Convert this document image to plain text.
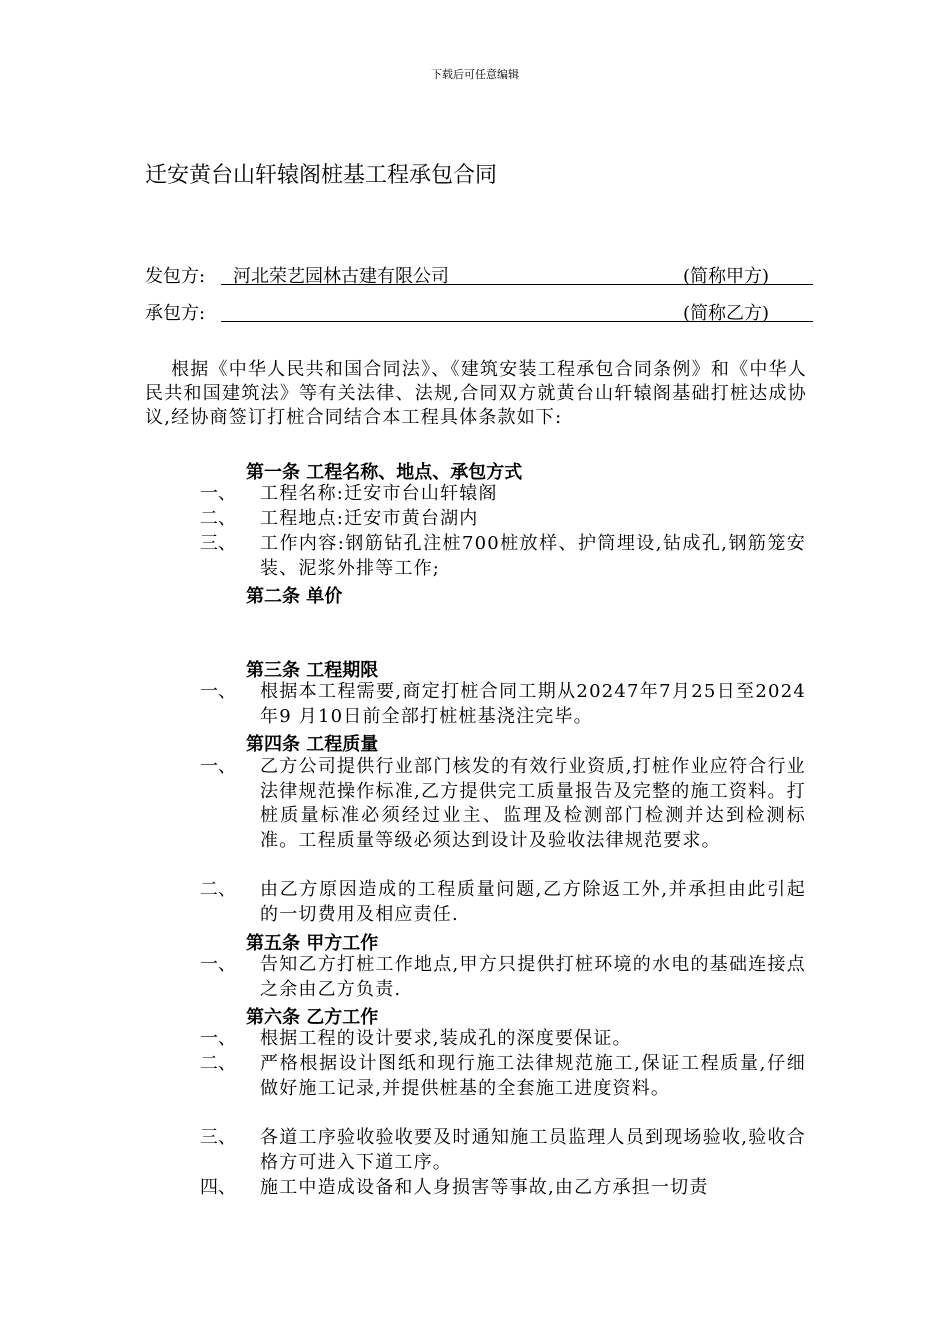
下载后可任意编辑
迁安黄台山轩辕阁桩基工程承包合同
发包方: 河北荣艺园林古建有限公司	(简称甲方)
承包方:	(简称乙方)
根据《中华人民共和国合同法》、《建筑安装工程承包合同条例》和《中华人民共和国建筑法》等有关法律、法规,合同双方就黄台山轩辕阁基础打桩达成协议,经协商签订打桩合同结合本工程具体条款如下:
第一条 工程名称、地点、承包方式
一、 工程名称:迁安市台山轩辕阁
二、 工程地点:迁安市黄台湖内
三、 工作内容:钢筋钻孔注桩700桩放样、护筒埋设,钻成孔,钢筋笼安装、泥浆外排等工作;
第二条 单价
第三条 工程期限
一、 根据本工程需要,商定打桩合同工期从20247年7月25日至2024年9 月10日前全部打桩桩基浇注完毕。
第四条 工程质量
一、 乙方公司提供行业部门核发的有效行业资质,打桩作业应符合行业法律规范操作标准,乙方提供完工质量报告及完整的施工资料。打桩质量标准必须经过业主、监理及检测部门检测并达到检测标准。工程质量等级必须达到设计及验收法律规范要求。
二、 由乙方原因造成的工程质量问题,乙方除返工外,并承担由此引起的一切费用及相应责任.
第五条 甲方工作
一、 告知乙方打桩工作地点,甲方只提供打桩环境的水电的基础连接点之余由乙方负责.
第六条 乙方工作
一、 根据工程的设计要求,装成孔的深度要保证。
二、 严格根据设计图纸和现行施工法律规范施工,保证工程质量,仔细做好施工记录,并提供桩基的全套施工进度资料。
三、 各道工序验收验收要及时通知施工员监理人员到现场验收,验收合格方可进入下道工序。
四、 施工中造成设备和人身损害等事故,由乙方承担一切责
